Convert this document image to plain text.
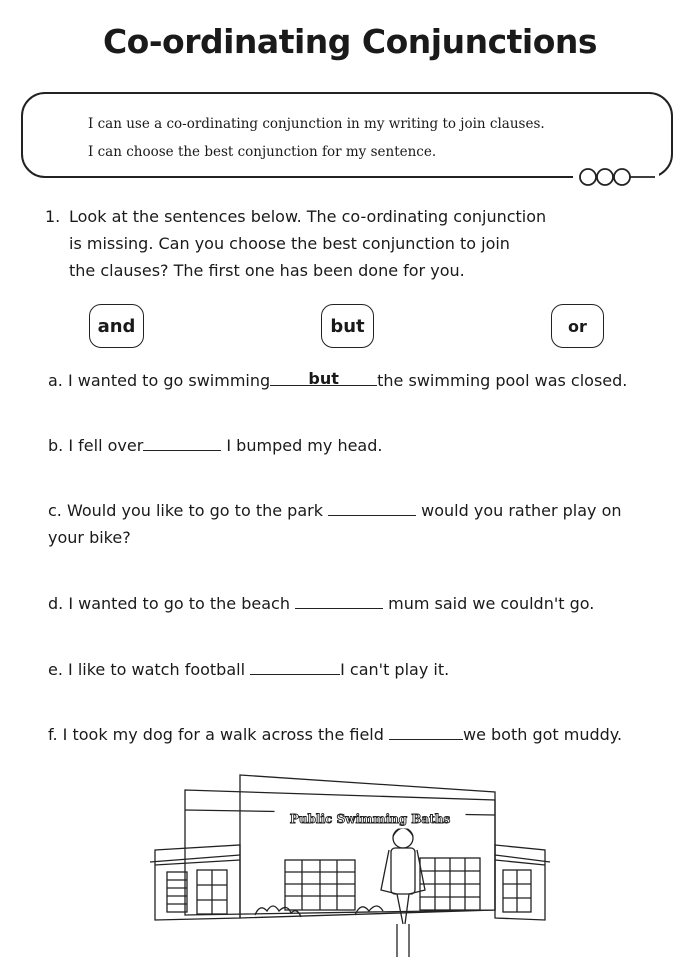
Co-ordinating Conjunctions
I can use a co-ordinating conjunction in my writing to join clauses.
I can choose the best conjunction for my sentence.
1. Look at the sentences below. The co-ordinating conjunction
is missing. Can you choose the best conjunction to join
the clauses? The first one has been done for you.
and	but	or
a. I wanted to go swimming but the swimming pool was closed.
b. I fell over	I bumped my head.
c. Would you like to go to the park	would you rather play on
your bike?
d. I wanted to go to the beach	mum said we couldn't go.
e. I like to watch football	I can't play it.
f. I took my dog for a walk across the field	we both got muddy.
Public Swimming Baths
